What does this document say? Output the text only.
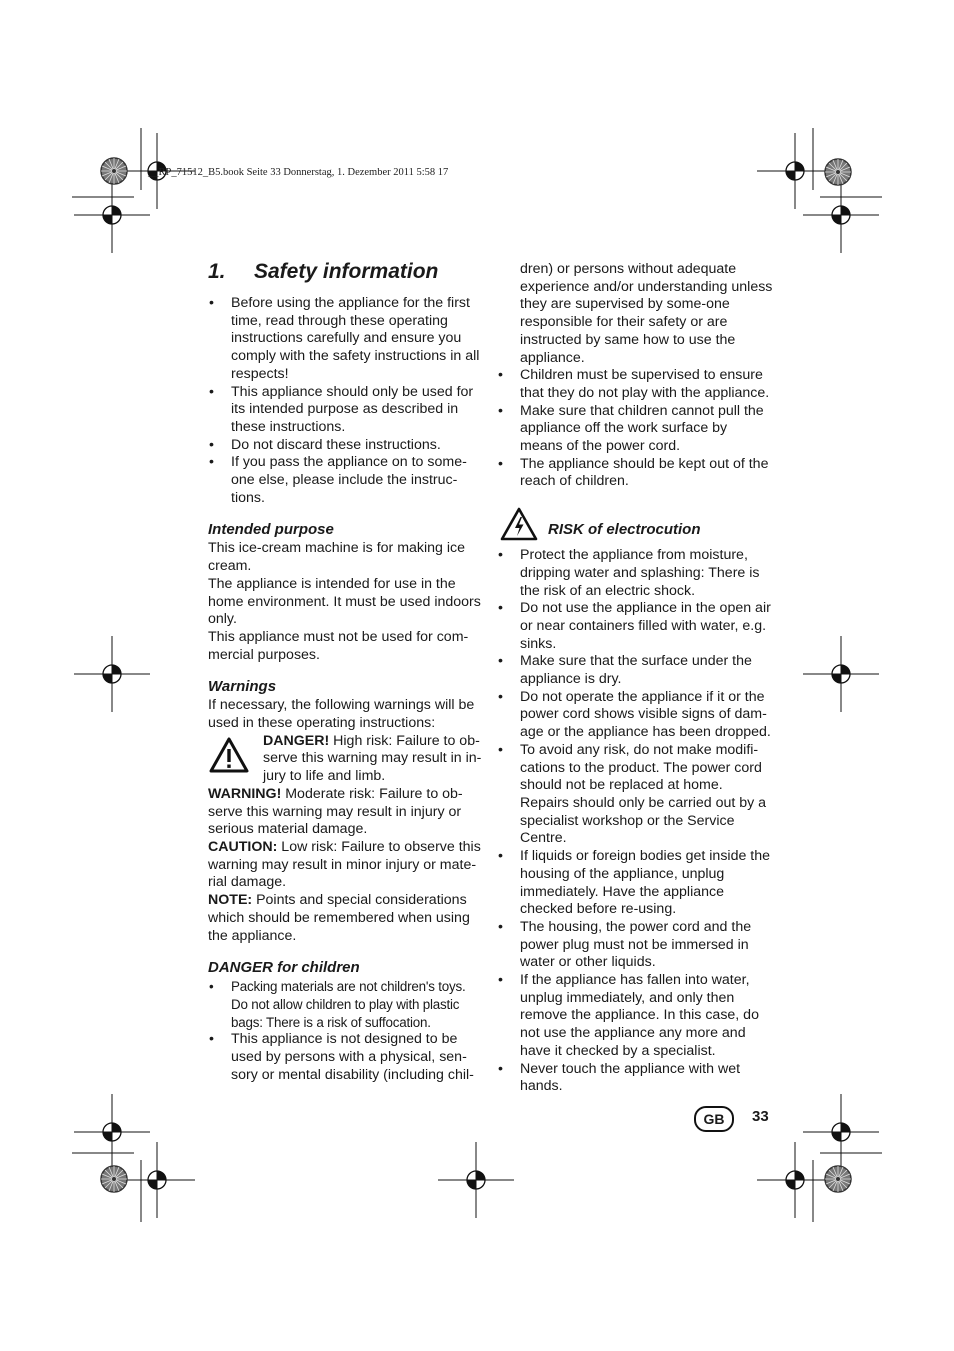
__RP_71512_B5.book Seite 33 Donnerstag, 1. Dezember 2011 5:58 17
1. Safety information
• Before using the appliance for the first time, read through these operating instructions carefully and ensure you comply with the safety instructions in all respects!
• This appliance should only be used for its intended purpose as described in these instructions.
• Do not discard these instructions.
• If you pass the appliance on to some-one else, please include the instruc-tions.
Intended purpose

This ice-cream machine is for making ice cream.

The appliance is intended for use in the home environment. It must be used indoors only.

This appliance must not be used for com-mercial purposes.

Warnings

If necessary, the following warnings will be used in these operating instructions:

DANGER! High risk: Failure to ob-serve this warning may result in in-jury to life and limb.

WARNING! Moderate risk: Failure to ob-serve this warning may result in injury or serious material damage.

CAUTION: Low risk: Failure to observe this warning may result in minor injury or mate-rial damage.

NOTE: Points and special considerations which should be remembered when using the appliance.

DANGER for children
• Packing materials are not children's toys. Do not allow children to play with plastic bags: There is a risk of suffocation.
• This appliance is not designed to be used by persons with a physical, sen-sory or mental disability (including chil-

dren) or persons without adequate experience and/or understanding unless they are supervised by some-one responsible for their safety or are instructed by same how to use the appliance.

• Children must be supervised to ensure that they do not play with the appliance.
• Make sure that children cannot pull the appliance off the work surface by means of the power cord.
• The appliance should be kept out of the reach of children.
RISK of electrocution
• Protect the appliance from moisture, dripping water and splashing: There is the risk of an electric shock.
• Do not use the appliance in the open air or near containers filled with water, e.g. sinks.
• Make sure that the surface under the appliance is dry.
• Do not operate the appliance if it or the power cord shows visible signs of dam-age or the appliance has been dropped.
• To avoid any risk, do not make modifi-cations to the product. The power cord should not be replaced at home. Repairs should only be carried out by a specialist workshop or the Service Centre.
• If liquids or foreign bodies get inside the housing of the appliance, unplug immediately. Have the appliance checked before re-using.
• The housing, the power cord and the power plug must not be immersed in water or other liquids.
• If the appliance has fallen into water, unplug immediately, and only then remove the appliance. In this case, do not use the appliance any more and have it checked by a specialist.
• Never touch the appliance with wet hands.
GB	33
